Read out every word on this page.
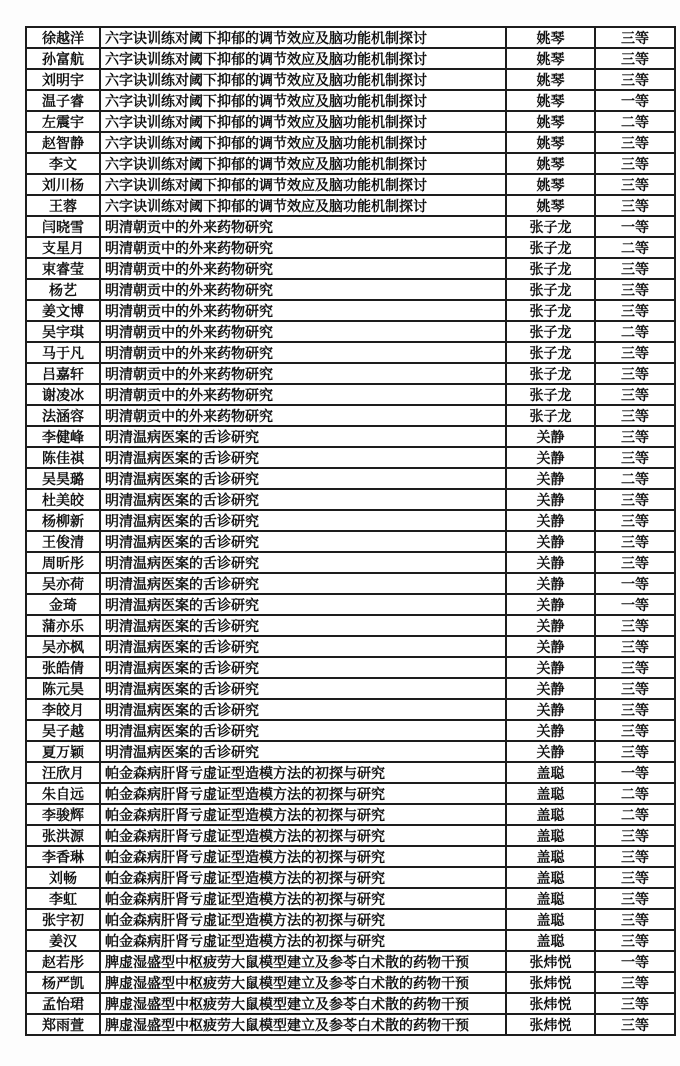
徐越洋	六字诀训练对阈下抑郁的调节效应及脑功能机制探讨	姚琴	三等
孙富航	六字诀训练对阈下抑郁的调节效应及脑功能机制探讨	姚琴	三等
刘明宇	六字诀训练对阈下抑郁的调节效应及脑功能机制探讨	姚琴	三等
温子睿	六字诀训练对阈下抑郁的调节效应及脑功能机制探讨	姚琴	一等
左震宇	六字诀训练对阈下抑郁的调节效应及脑功能机制探讨	姚琴	二等
赵智静	六字诀训练对阈下抑郁的调节效应及脑功能机制探讨	姚琴	三等
李文	六字诀训练对阈下抑郁的调节效应及脑功能机制探讨	姚琴	三等
刘川杨	六字诀训练对阈下抑郁的调节效应及脑功能机制探讨	姚琴	三等
王蓉	六字诀训练对阈下抑郁的调节效应及脑功能机制探讨	姚琴	三等
闫晓雪	明清朝贡中的外来药物研究	张子龙	一等
支星月	明清朝贡中的外来药物研究	张子龙	二等
束睿莹	明清朝贡中的外来药物研究	张子龙	三等
杨艺	明清朝贡中的外来药物研究	张子龙	三等
姜文博	明清朝贡中的外来药物研究	张子龙	三等
吴宇琪	明清朝贡中的外来药物研究	张子龙	二等
马于凡	明清朝贡中的外来药物研究	张子龙	三等
吕嘉轩	明清朝贡中的外来药物研究	张子龙	三等
谢凌冰	明清朝贡中的外来药物研究	张子龙	三等
法涵容	明清朝贡中的外来药物研究	张子龙	三等
李健峰	明清温病医案的舌诊研究	关静	三等
陈佳祺	明清温病医案的舌诊研究	关静	三等
吴昊璐	明清温病医案的舌诊研究	关静	二等
杜美皎	明清温病医案的舌诊研究	关静	三等
杨柳新	明清温病医案的舌诊研究	关静	三等
王俊清	明清温病医案的舌诊研究	关静	三等
周昕彤	明清温病医案的舌诊研究	关静	三等
吴亦荷	明清温病医案的舌诊研究	关静	一等
金琦	明清温病医案的舌诊研究	关静	一等
蒲亦乐	明清温病医案的舌诊研究	关静	三等
吴亦枫	明清温病医案的舌诊研究	关静	三等
张皓倩	明清温病医案的舌诊研究	关静	三等
陈元昊	明清温病医案的舌诊研究	关静	三等
李皎月	明清温病医案的舌诊研究	关静	三等
吴子越	明清温病医案的舌诊研究	关静	三等
夏万颖	明清温病医案的舌诊研究	关静	三等
汪欣月	帕金森病肝肾亏虚证型造模方法的初探与研究	盖聪	一等
朱自远	帕金森病肝肾亏虚证型造模方法的初探与研究	盖聪	二等
李骏辉	帕金森病肝肾亏虚证型造模方法的初探与研究	盖聪	二等
张洪源	帕金森病肝肾亏虚证型造模方法的初探与研究	盖聪	三等
李香琳	帕金森病肝肾亏虚证型造模方法的初探与研究	盖聪	三等
刘畅	帕金森病肝肾亏虚证型造模方法的初探与研究	盖聪	三等
李虹	帕金森病肝肾亏虚证型造模方法的初探与研究	盖聪	三等
张宇初	帕金森病肝肾亏虚证型造模方法的初探与研究	盖聪	三等
姜汉	帕金森病肝肾亏虚证型造模方法的初探与研究	盖聪	三等
赵若彤	脾虚湿盛型中枢疲劳大鼠模型建立及参苓白术散的药物干预	张炜悦	一等
杨严凯	脾虚湿盛型中枢疲劳大鼠模型建立及参苓白术散的药物干预	张炜悦	三等
孟怡珺	脾虚湿盛型中枢疲劳大鼠模型建立及参苓白术散的药物干预	张炜悦	三等
郑雨萱	脾虚湿盛型中枢疲劳大鼠模型建立及参苓白术散的药物干预	张炜悦	三等
